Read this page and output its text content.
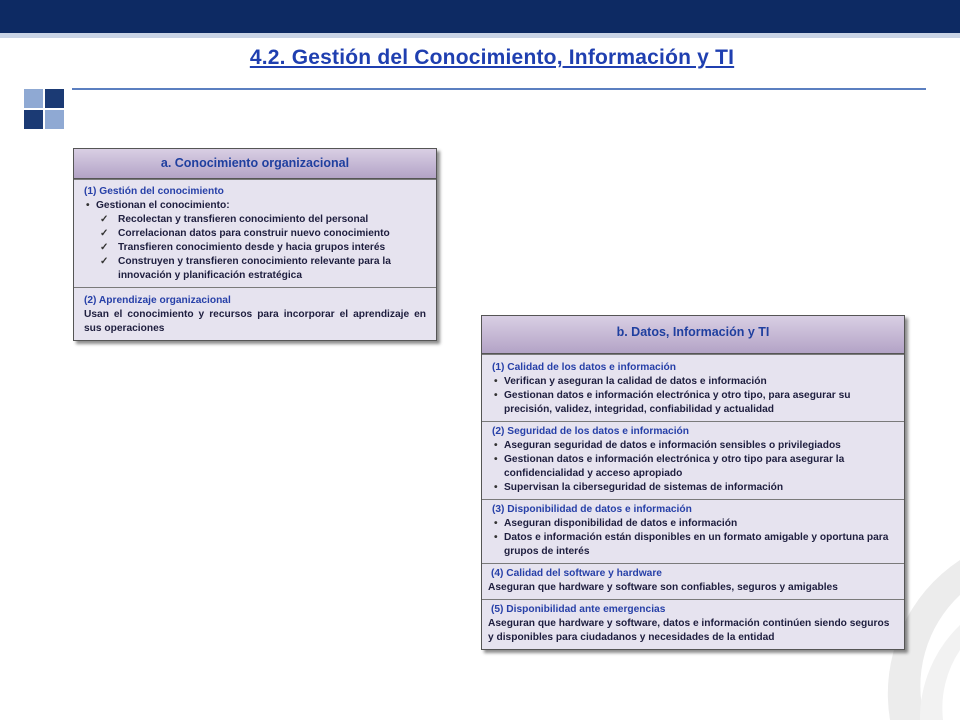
4.2. Gestión del Conocimiento, Información y TI
a. Conocimiento organizacional
(1) Gestión del conocimiento
• Gestionan el conocimiento:
✓ Recolectan y transfieren conocimiento del personal
✓ Correlacionan datos para construir nuevo conocimiento
✓ Transfieren conocimiento desde y hacia grupos interés
✓ Construyen y transfieren conocimiento relevante para la innovación y planificación estratégica
(2) Aprendizaje organizacional
Usan el conocimiento y recursos para incorporar el aprendizaje en sus operaciones	b. Datos, Información y TI
(1) Calidad de los datos e información
• Verifican y aseguran la calidad de datos e información
• Gestionan datos e información electrónica y otro tipo, para asegurar su precisión, validez, integridad, confiabilidad y actualidad
(2) Seguridad de los datos e información
• Aseguran seguridad de datos e información sensibles o privilegiados
• Gestionan datos e información electrónica y otro tipo para asegurar la confidencialidad y acceso apropiado
• Supervisan la ciberseguridad de sistemas de información
(3) Disponibilidad de datos e información
• Aseguran disponibilidad de datos e información
• Datos e información están disponibles en un formato amigable y oportuna para grupos de interés
(4) Calidad del software y hardware
Aseguran que hardware y software son confiables, seguros y amigables
(5) Disponibilidad ante emergencias
Aseguran que hardware y software, datos e información continúen siendo seguros y disponibles para ciudadanos y necesidades de la entidad
